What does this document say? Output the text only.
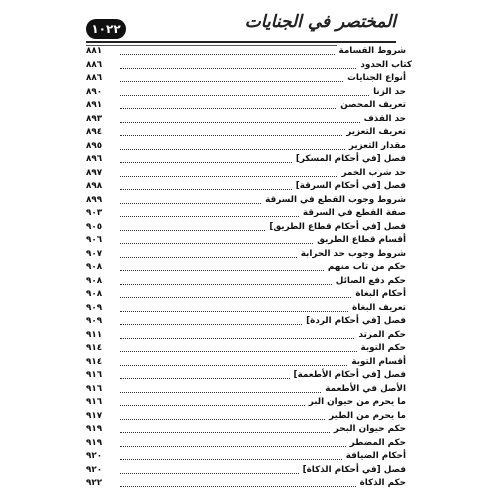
١٠٢٢	المختصر في الجنايات
شروط القسامة
٨٨١
كتاب الحدود
٨٨٦
أنواع الجنايات
٨٨٦
حد الزنا
٨٩٠
تعريف المحصن
٨٩١
حد القذف
٨٩٣
تعريف التعزير
٨٩٤
مقدار التعزير
٨٩٥
فصل [في أحكام المسكر]
٨٩٦
حد شرب الخمر
٨٩٧
فصل [في أحكام السرقة]
٨٩٨
شروط وجوب القطع في السرقة
٨٩٩
صفة القطع في السرقة
٩٠٣
فصل [في أحكام قطاع الطريق]
٩٠٥
أقسام قطاع الطريق
٩٠٦
شروط وجوب حد الحرابة
٩٠٧
حكم من تاب منهم
٩٠٨
حكم دفع الصائل
٩٠٨
أحكام البغاة
٩٠٨
تعريف البغاة
٩٠٩
فصل [في أحكام الردة]
٩٠٩
حكم المرتد
٩١١
حكم التوبة
٩١٤
أقسام التوبة
٩١٤
فصل [في أحكام الأطعمة]
٩١٦
الأصل في الأطعمة
٩١٦
ما يحرم من حيوان البر
٩١٦
ما يحرم من الطير
٩١٧
حكم حيوان البحر
٩١٩
حكم المضطر
٩١٩
أحكام الضيافة
٩٢٠
فصل [في أحكام الذكاة]
٩٢٠
حكم الذكاة
٩٢٢
